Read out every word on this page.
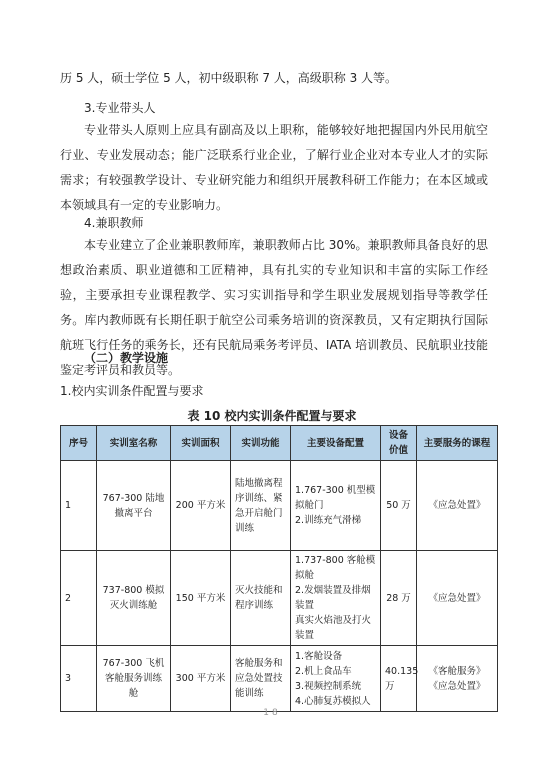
历 5 人，硕士学位 5 人，初中级职称 7 人，高级职称 3 人等。
3.专业带头人
专业带头人原则上应具有副高及以上职称，能够较好地把握国内外民用航空行业、专业发展动态；能广泛联系行业企业，了解行业企业对本专业人才的实际需求；有较强教学设计、专业研究能力和组织开展教科研工作能力；在本区域或本领域具有一定的专业影响力。
4.兼职教师
本专业建立了企业兼职教师库，兼职教师占比 30%。兼职教师具备良好的思想政治素质、职业道德和工匠精神，具有扎实的专业知识和丰富的实际工作经验，主要承担专业课程教学、实习实训指导和学生职业发展规划指导等教学任务。库内教师既有长期任职于航空公司乘务培训的资深教员，又有定期执行国际航班飞行任务的乘务长，还有民航局乘务考评员、IATA 培训教员、民航职业技能鉴定考评员和教员等。
（二）教学设施
1.校内实训条件配置与要求
表 10 校内实训条件配置与要求
序号	实训室名称	实训面积	实训功能	主要设备配置	设备价值	主要服务的课程
1	767-300 陆地撤离平台	200 平方米	陆地撤离程序训练、紧急开启舱门训练	1.767-300 机型模拟舱门
2.训练充气滑梯	50 万	《应急处置》
2	737-800 模拟灭火训练舱	150 平方米	灭火技能和程序训练	1.737-800 客舱模拟舱
2.发烟装置及排烟装置
真实火焰池及打火装置	28 万	《应急处置》
3	767-300 飞机客舱服务训练舱	300 平方米	客舱服务和应急处置技能训练	1.客舱设备
2.机上食品车
3.视频控制系统
4.心肺复苏模拟人	40.135 万	《客舱服务》
《应急处置》
18
